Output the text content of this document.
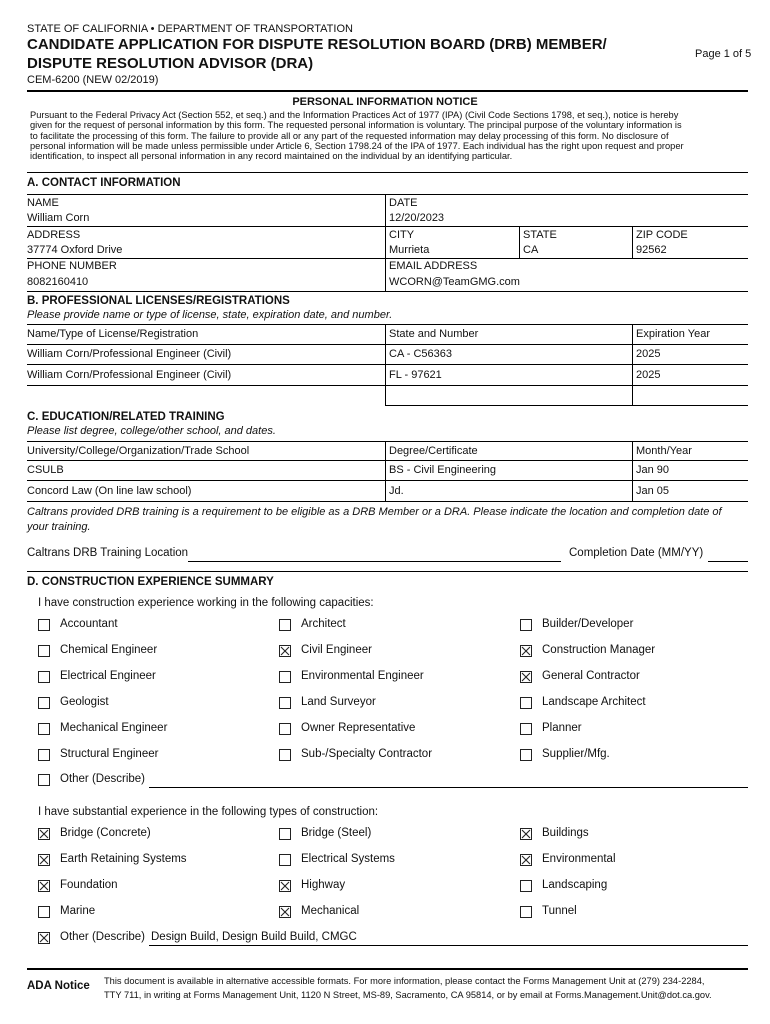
STATE OF CALIFORNIA • DEPARTMENT OF TRANSPORTATION
CANDIDATE APPLICATION FOR DISPUTE RESOLUTION BOARD (DRB) MEMBER/
DISPUTE RESOLUTION ADVISOR (DRA)
Page 1 of 5
CEM-6200 (NEW 02/2019)
PERSONAL INFORMATION NOTICE
Pursuant to the Federal Privacy Act (Section 552, et seq.) and the Information Practices Act of 1977 (IPA) (Civil Code Sections 1798, et seq.), notice is hereby
given for the request of personal information by this form. The requested personal information is voluntary. The principal purpose of the voluntary information is
to facilitate the processing of this form. The failure to provide all or any part of the requested information may delay processing of this form. No disclosure of
personal information will be made unless permissible under Article 6, Section 1798.24 of the IPA of 1977. Each individual has the right upon request and proper
identification, to inspect all personal information in any record maintained on the individual by an identifying particular.
A. CONTACT INFORMATION
NAME
William Corn
DATE
12/20/2023
ADDRESS
37774 Oxford Drive
CITY
Murrieta
STATE
CA
ZIP CODE
92562
PHONE NUMBER
8082160410
EMAIL ADDRESS
WCORN@TeamGMG.com
B. PROFESSIONAL LICENSES/REGISTRATIONS
Please provide name or type of license, state, expiration date, and number.
Name/Type of License/Registration	State and Number	Expiration Year
William Corn/Professional Engineer (Civil)	CA - C56363	2025
William Corn/Professional Engineer (Civil)	FL - 97621	2025
C. EDUCATION/RELATED TRAINING
Please list degree, college/other school, and dates.
University/College/Organization/Trade School	Degree/Certificate	Month/Year
CSULB	BS - Civil Engineering	Jan 90
Concord Law (On line law school)	Jd.	Jan 05
Caltrans provided DRB training is a requirement to be eligible as a DRB Member or a DRA. Please indicate the location and completion date of
your training.
Caltrans DRB Training Location	Completion Date (MM/YY)
D. CONSTRUCTION EXPERIENCE SUMMARY
I have construction experience working in the following capacities:
Accountant	Architect	Builder/Developer
Chemical Engineer	Civil Engineer	Construction Manager
Electrical Engineer	Environmental Engineer	General Contractor
Geologist	Land Surveyor	Landscape Architect
Mechanical Engineer	Owner Representative	Planner
Structural Engineer	Sub-/Specialty Contractor	Supplier/Mfg.
Other (Describe)
I have substantial experience in the following types of construction:
Bridge (Concrete)	Bridge (Steel)	Buildings
Earth Retaining Systems	Electrical Systems	Environmental
Foundation	Highway	Landscaping
Marine	Mechanical	Tunnel
Other (Describe) Design Build, Design Build Build, CMGC
ADA Notice This document is available in alternative accessible formats. For more information, please contact the Forms Management Unit at (279) 234-2284,
TTY 711, in writing at Forms Management Unit, 1120 N Street, MS-89, Sacramento, CA 95814, or by email at Forms.Management.Unit@dot.ca.gov.
